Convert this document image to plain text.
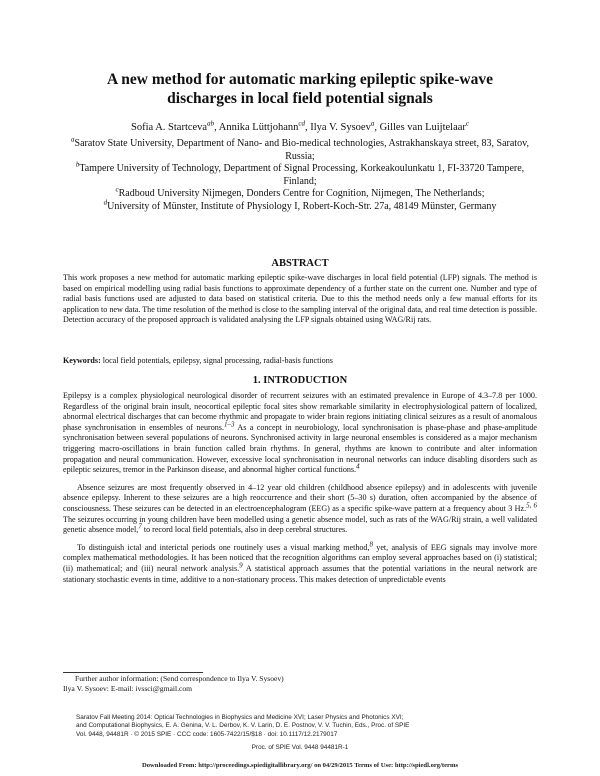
A new method for automatic marking epileptic spike-wave
discharges in local field potential signals
Sofia A. Startceva$^{ab}$, Annika Lüttjohann$^{cd}$, Ilya V. Sysoev$^a$, Gilles van Luijtelaar$^c$

$^a$Saratov State University, Department of Nano- and Bio-medical technologies, Astrakhanskaya street, 83, Saratov, Russia;

$^b$Tampere University of Technology, Department of Signal Processing, Korkeakoulunkatu 1, FI-33720 Tampere, Finland;

$^c$Radboud University Nijmegen, Donders Centre for Cognition, Nijmegen, The Netherlands;

$^d$University of Münster, Institute of Physiology I, Robert-Koch-Str. 27a, 48149 Münster, Germany

ABSTRACT
This work proposes a new method for automatic marking epileptic spike-wave discharges in local field potential (LFP) signals. The method is based on empirical modelling using radial basis functions to approximate dependency of a further state on the current one. Number and type of radial basis functions used are adjusted to data based on statistical criteria. Due to this the method needs only a few manual efforts for its application to new data. The time resolution of the method is close to the sampling interval of the original data, and real time detection is possible. Detection accuracy of the proposed approach is validated analysing the LFP signals obtained using WAG/Rij rats.
Keywords: local field potentials, epilepsy, signal processing, radial-basis functions
1. INTRODUCTION

Epilepsy is a complex physiological neurological disorder of recurrent seizures with an estimated prevalence in Europe of 4.3–7.8 per 1000. Regardless of the original brain insult, neocortical epileptic focal sites show remarkable similarity in electrophysiological pattern of localized, abnormal electrical discharges that can become rhythmic and propagate to wider brain regions initiating clinical seizures as a result of anomalous phase synchronisation in ensembles of neurons.$^{1-3}$ As a concept in neurobiology, local synchronisation is phase-phase and phase-amplitude synchronisation between several populations of neurons. Synchronised activity in large neuronal ensembles is considered as a major mechanism triggering macro-oscillations in brain function called brain rhythms. In general, rhythms are known to contribute and alter information propagation and neural communication. However, excessive local synchronisation in neuronal networks can induce disabling disorders such as epileptic seizures, tremor in the Parkinson disease, and abnormal higher cortical functions.$^4$

Absence seizures are most frequently observed in 4–12 year old children (childhood absence epilepsy) and in adolescents with juvenile absence epilepsy. Inherent to these seizures are a high reoccurrence and their short (5–30 s) duration, often accompanied by the absence of consciousness. These seizures can be detected in an electroencephalogram (EEG) as a specific spike-wave pattern at a frequency about 3 Hz.$^{5, 6}$ The seizures occurring in young children have been modelled using a genetic absence model, such as rats of the WAG/Rij strain, a well validated genetic absence model,$^7$ to record local field potentials, also in deep cerebral structures.

To distinguish ictal and interictal periods one routinely uses a visual marking method,$^8$ yet, analysis of EEG signals may involve more complex mathematical methodologies. It has been noticed that the recognition algorithms can employ several approaches based on (i) statistical; (ii) mathematical; and (iii) neural network analysis.$^9$ A statistical approach assumes that the potential variations in the neural network are stationary stochastic events in time, additive to a non-stationary process. This makes detection of unpredictable events

Further author information: (Send correspondence to Ilya V. Sysoev)
Ilya V. Sysoev: E-mail: ivssci@gmail.com
Saratov Fall Meeting 2014: Optical Technologies in Biophysics and Medicine XVI; Laser Physics and Photonics XVI;
and Computational Biophysics, E. A. Genina, V. L. Derbov, K. V. Larin, D. E. Postnov, V. V. Tuchin, Eds., Proc. of SPIE
Vol. 9448, 94481R · © 2015 SPIE · CCC code: 1605-7422/15/$18 · doi: 10.1117/12.2179017
Proc. of SPIE Vol. 9448 94481R-1
Downloaded From: http://proceedings.spiedigitallibrary.org/ on 04/29/2015 Terms of Use: http://spiedl.org/terms
